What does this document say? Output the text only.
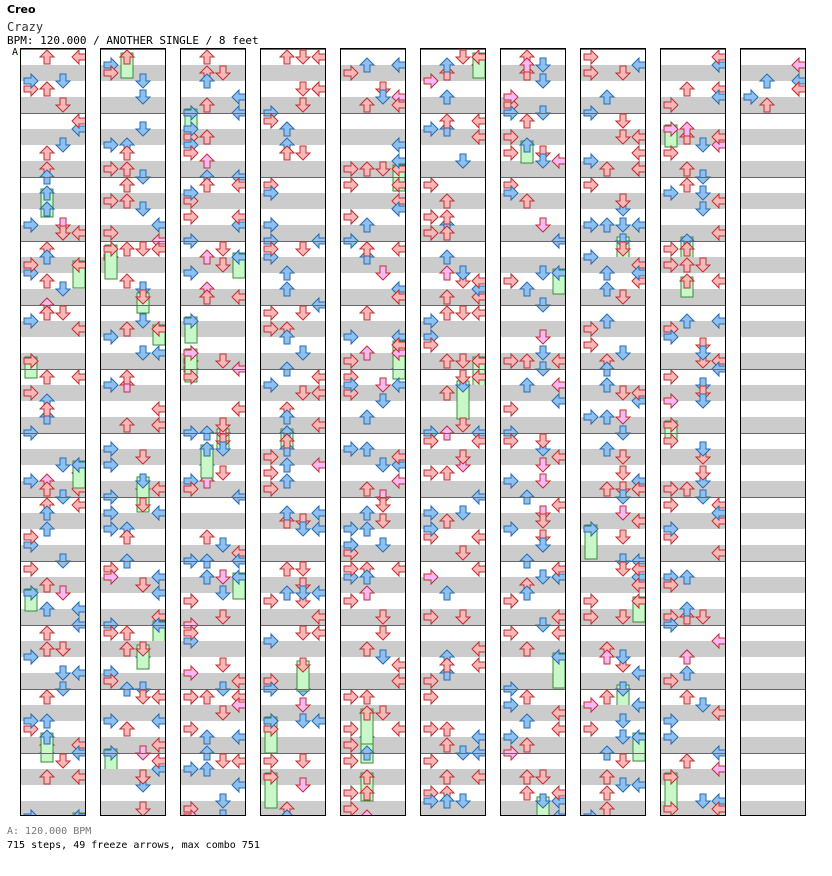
Creo
Crazy
BPM: 120.000 / ANOTHER SINGLE / 8 feet
A
A: 120.000 BPM
715 steps, 49 freeze arrows, max combo 751
